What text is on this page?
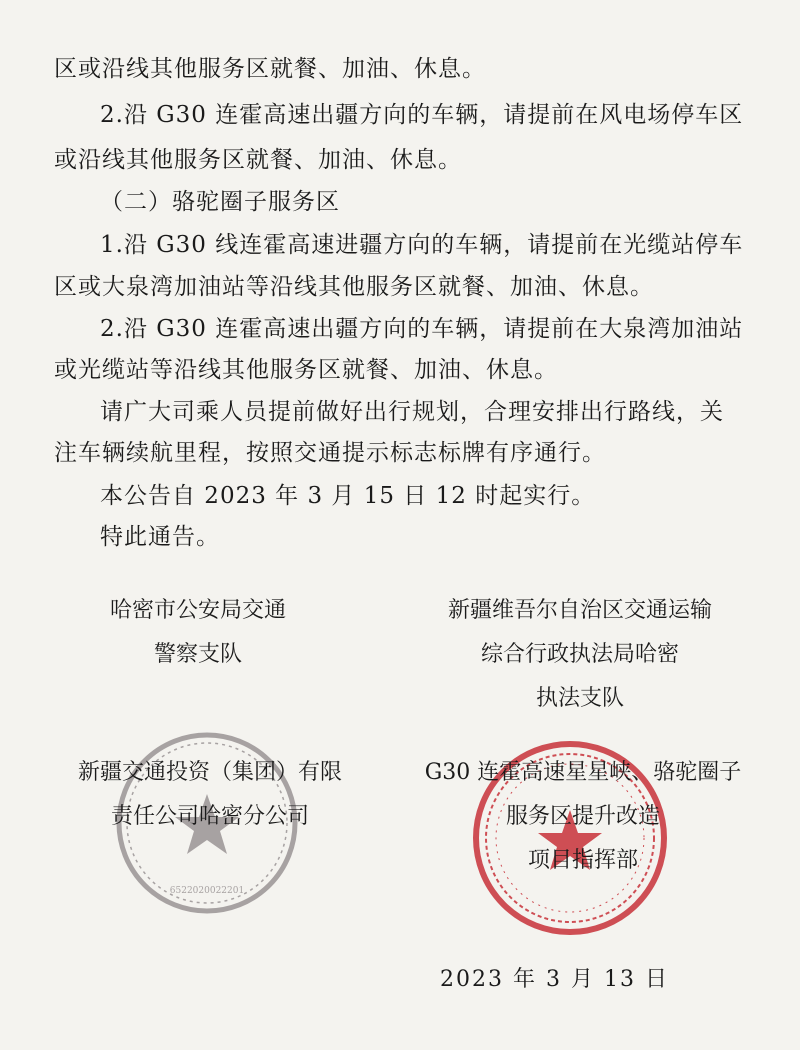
区或沿线其他服务区就餐、加油、休息。
2.沿 G30 连霍高速出疆方向的车辆，请提前在风电场停车区
或沿线其他服务区就餐、加油、休息。
（二）骆驼圈子服务区
1.沿 G30 线连霍高速进疆方向的车辆，请提前在光缆站停车
区或大泉湾加油站等沿线其他服务区就餐、加油、休息。
2.沿 G30 连霍高速出疆方向的车辆，请提前在大泉湾加油站
或光缆站等沿线其他服务区就餐、加油、休息。
请广大司乘人员提前做好出行规划，合理安排出行路线，关
注车辆续航里程，按照交通提示标志标牌有序通行。
本公告自 2023 年 3 月 15 日 12 时起实行。
特此通告。
6522020022201
哈密市公安局交通
警察支队
新疆维吾尔自治区交通运输
综合行政执法局哈密
执法支队
新疆交通投资（集团）有限
责任公司哈密分公司
G30 连霍高速星星峡、骆驼圈子
服务区提升改造
项目指挥部
2023 年 3 月 13 日
